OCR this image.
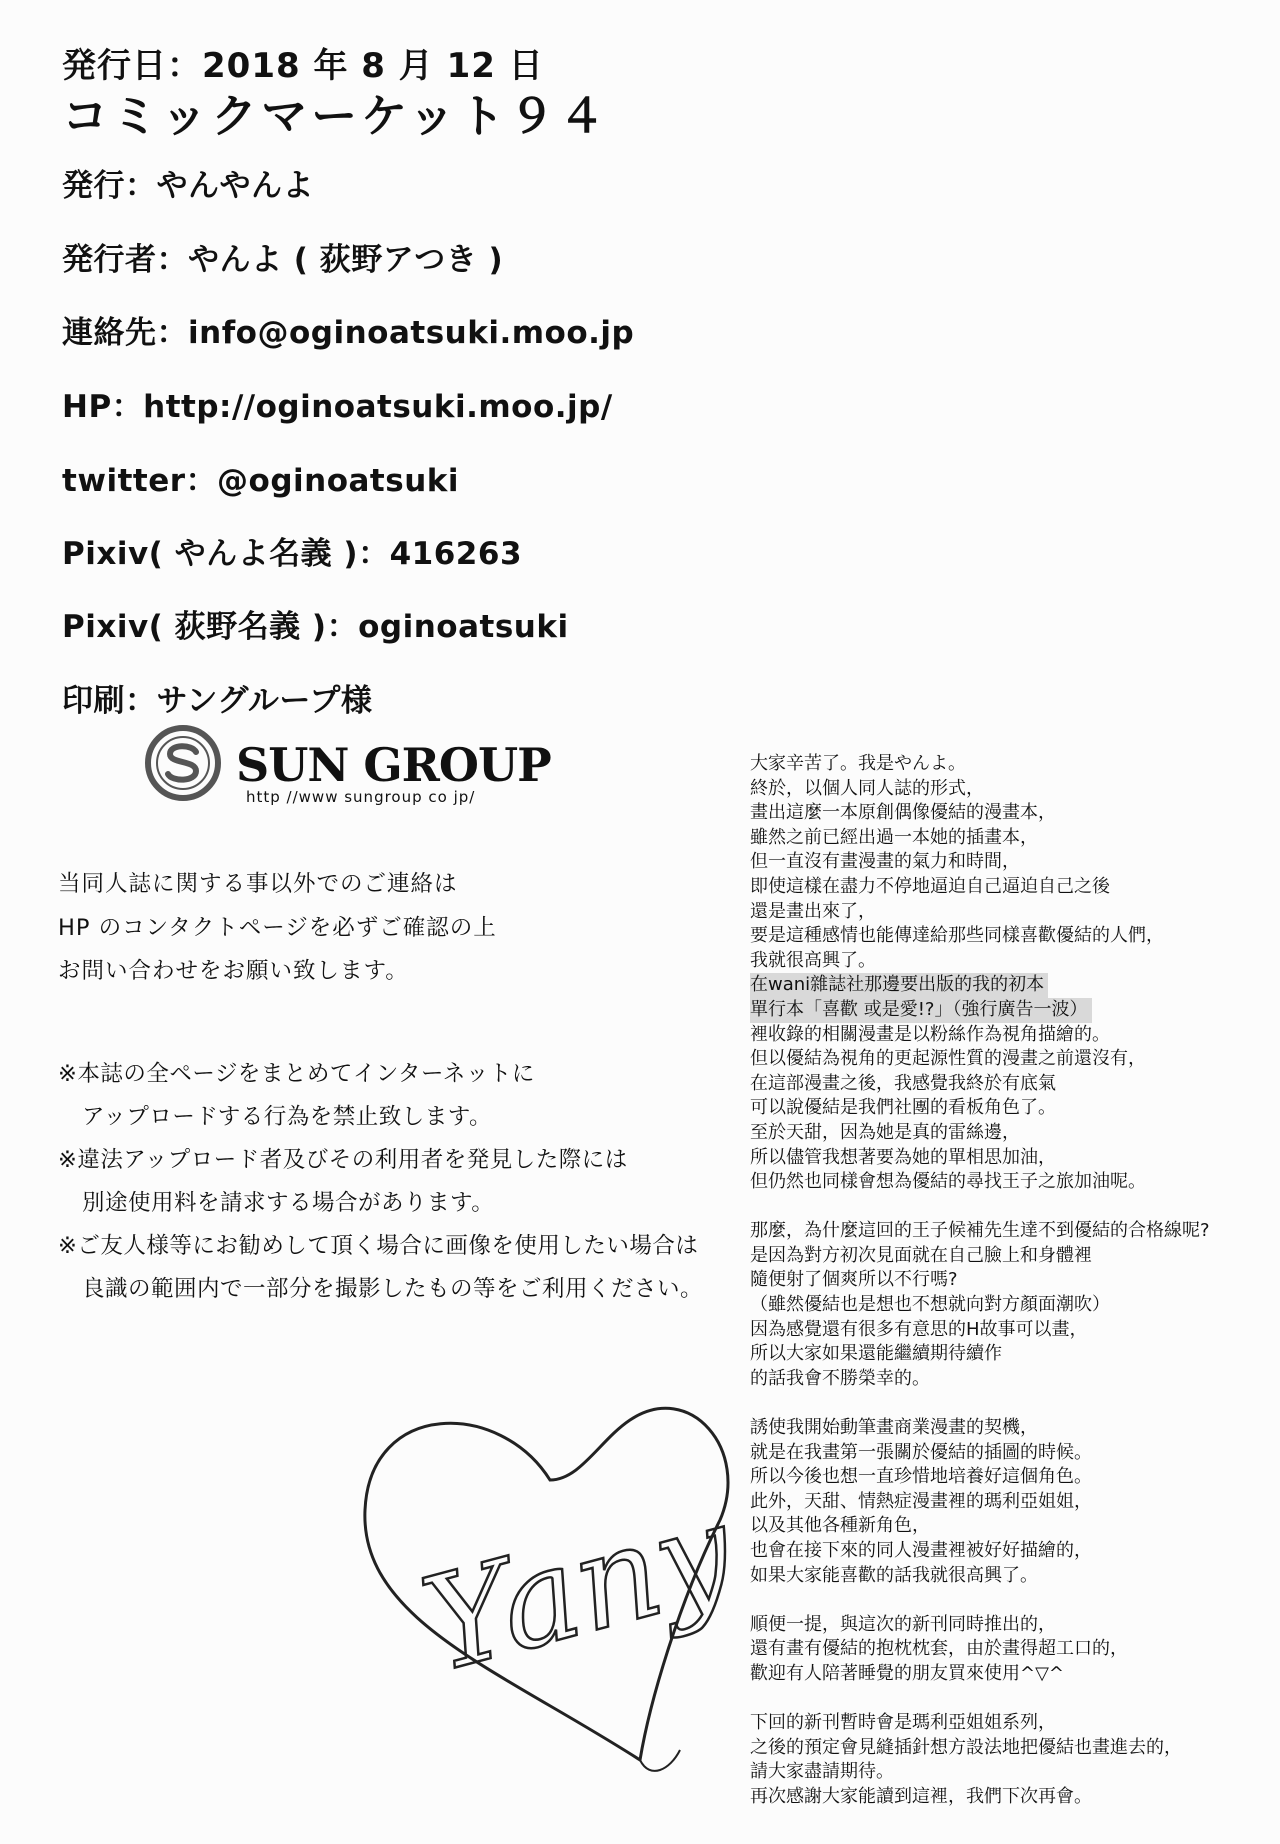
発行日：2018 年 8 月 12 日
コミックマーケット９４
発行：やんやんよ
発行者：やんよ ( 荻野アつき )
連絡先：info@oginoatsuki.moo.jp
HP：http://oginoatsuki.moo.jp/
twitter：@oginoatsuki
Pixiv( やんよ名義 )：416263
Pixiv( 荻野名義 )：oginoatsuki
印刷：サングループ様
SUN GROUP
http //www sungroup co jp/
当同人誌に関する事以外でのご連絡は
HP のコンタクトページを必ずご確認の上
お問い合わせをお願い致します。
※本誌の全ページをまとめてインターネットに
アップロードする行為を禁止致します。
※違法アップロード者及びその利用者を発見した際には
別途使用料を請求する場合があります。
※ご友人様等にお勧めして頂く場合に画像を使用したい場合は
良識の範囲内で一部分を撮影したもの等をご利用ください。
Yany

大家辛苦了。我是やんよ。

終於，以個人同人誌的形式，

畫出這麼一本原創偶像優結的漫畫本，

雖然之前已經出過一本她的插畫本，

但一直沒有畫漫畫的氣力和時間，

即使這樣在盡力不停地逼迫自己逼迫自己之後

還是畫出來了，

要是這種感情也能傳達給那些同樣喜歡優結的人們，

我就很高興了。

在wani雜誌社那邊要出版的我的初本

單行本「喜歡 或是愛!?」（強行廣告一波）

裡收錄的相關漫畫是以粉絲作為視角描繪的。

但以優結為視角的更起源性質的漫畫之前還沒有，

在這部漫畫之後，我感覺我終於有底氣

可以說優結是我們社團的看板角色了。

至於天甜，因為她是真的雷絲邊，

所以儘管我想著要為她的單相思加油，

但仍然也同樣會想為優結的尋找王子之旅加油呢。

那麼，為什麼這回的王子候補先生達不到優結的合格線呢?

是因為對方初次見面就在自己臉上和身體裡

隨便射了個爽所以不行嗎?

（雖然優結也是想也不想就向對方顏面潮吹）

因為感覺還有很多有意思的H故事可以畫，

所以大家如果還能繼續期待續作

的話我會不勝榮幸的。

誘使我開始動筆畫商業漫畫的契機，

就是在我畫第一張關於優結的插圖的時候。

所以今後也想一直珍惜地培養好這個角色。

此外，天甜、情熱症漫畫裡的瑪利亞姐姐，

以及其他各種新角色，

也會在接下來的同人漫畫裡被好好描繪的，

如果大家能喜歡的話我就很高興了。

順便一提，與這次的新刊同時推出的，

還有畫有優結的抱枕枕套，由於畫得超工口的，

歡迎有人陪著睡覺的朋友買來使用^▽^

下回的新刊暫時會是瑪利亞姐姐系列，

之後的預定會見縫插針想方設法地把優結也畫進去的，

請大家盡請期待。

再次感謝大家能讀到這裡，我們下次再會。
